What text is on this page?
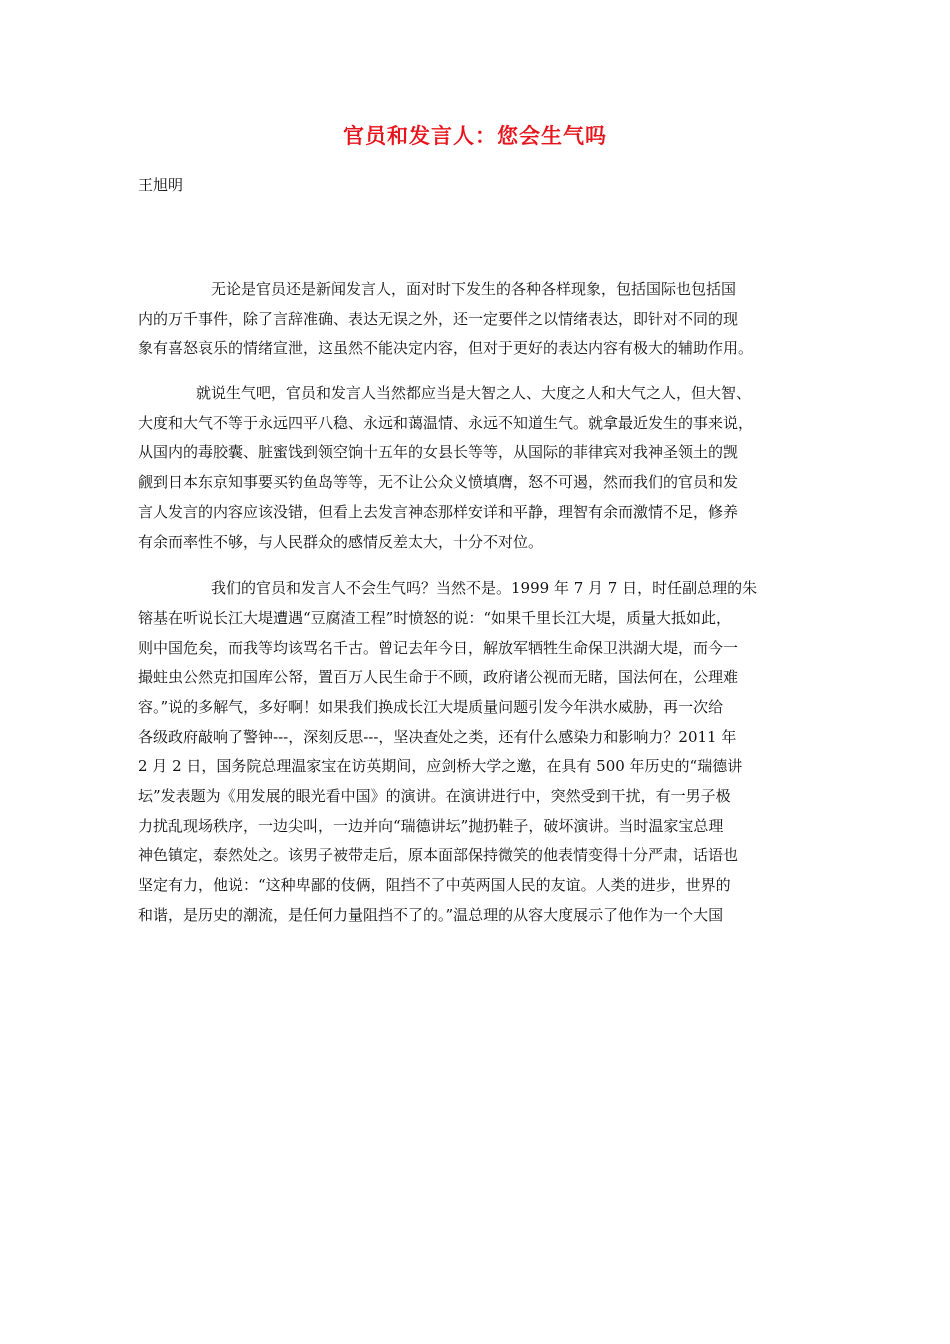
官员和发言人：您会生气吗
王旭明

无论是官员还是新闻发言人，面对时下发生的各种各样现象，包括国际也包括国
内的万千事件，除了言辞准确、表达无误之外，还一定要伴之以情绪表达，即针对不同的现
象有喜怒哀乐的情绪宣泄，这虽然不能决定内容，但对于更好的表达内容有极大的辅助作用。

就说生气吧，官员和发言人当然都应当是大智之人、大度之人和大气之人，但大智、
大度和大气不等于永远四平八稳、永远和蔼温情、永远不知道生气。就拿最近发生的事来说，
从国内的毒胶囊、脏蜜饯到领空饷十五年的女县长等等，从国际的菲律宾对我神圣领土的觊
觎到日本东京知事要买钓鱼岛等等，无不让公众义愤填膺，怒不可遏，然而我们的官员和发
言人发言的内容应该没错，但看上去发言神态那样安详和平静，理智有余而激情不足，修养
有余而率性不够，与人民群众的感情反差太大，十分不对位。

我们的官员和发言人不会生气吗？当然不是。1999 年 7 月 7 日，时任副总理的朱
镕基在听说长江大堤遭遇“豆腐渣工程”时愤怒的说：“如果千里长江大堤，质量大抵如此，
则中国危矣，而我等均该骂名千古。曾记去年今日，解放军牺牲生命保卫洪湖大堤，而今一
撮蛀虫公然克扣国库公帑，置百万人民生命于不顾，政府诸公视而无睹，国法何在，公理难
容。”说的多解气，多好啊！如果我们换成长江大堤质量问题引发今年洪水威胁，再一次给
各级政府敲响了警钟---，深刻反思---，坚决查处之类，还有什么感染力和影响力？2011 年
2 月 2 日，国务院总理温家宝在访英期间，应剑桥大学之邀，在具有 500 年历史的“瑞德讲
坛”发表题为《用发展的眼光看中国》的演讲。在演讲进行中，突然受到干扰，有一男子极
力扰乱现场秩序，一边尖叫，一边并向“瑞德讲坛”抛扔鞋子，破坏演讲。当时温家宝总理
神色镇定，泰然处之。该男子被带走后，原本面部保持微笑的他表情变得十分严肃，话语也
坚定有力，他说：“这种卑鄙的伎俩，阻挡不了中英两国人民的友谊。人类的进步，世界的
和谐，是历史的潮流，是任何力量阻挡不了的。”温总理的从容大度展示了他作为一个大国
